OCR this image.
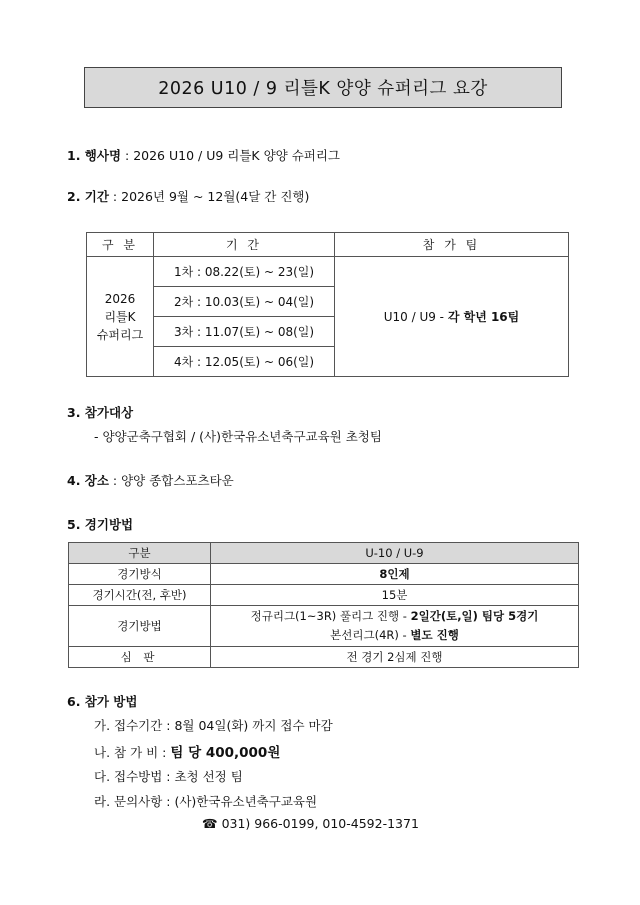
2026 U10 / 9 리틀K 양양 슈퍼리그 요강
1. 행사명 : 2026 U10 / U9 리틀K 양양 슈퍼리그
2. 기간 : 2026년 9월 ~ 12월(4달 간 진행)
구 분	기 간	참 가 팀

2026
리틀K
슈퍼리그	1차 : 08.22(토) ~ 23(일)	U10 / U9 - 각 학년 16팀
	2차 : 10.03(토) ~ 04(일)	
	3차 : 11.07(토) ~ 08(일)	
	4차 : 12.05(토) ~ 06(일)	
3. 참가대상
- 양양군축구협회 / (사)한국유소년축구교육원 초청팀
4. 장소 : 양양 종합스포츠타운
5. 경기방법
구분	U-10 / U-9
경기방식	8인제
경기시간(전, 후반)	15분
경기방법	정규리그(1~3R) 풀리그 진행 - 2일간(토,일) 팀당 5경기
본선리그(4R) - 별도 진행

심 판	전 경기 2심제 진행
6. 참가 방법
가. 접수기간 : 8월 04일(화) 까지 접수 마감
나. 참 가 비 : 팀 당 400,000원
다. 접수방법 : 초청 선정 팀
라. 문의사항 : (사)한국유소년축구교육원
☎ 031) 966-0199, 010-4592-1371
